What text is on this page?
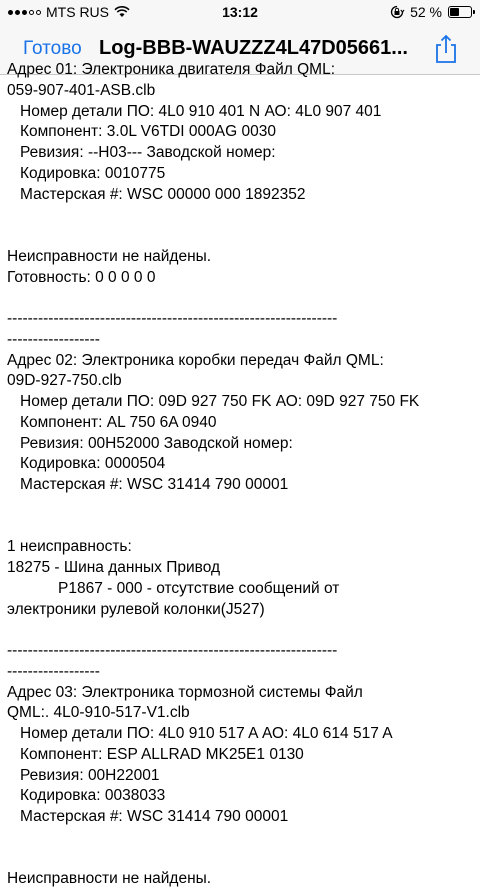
MTS RUS	13:12	52 %
Готово Log-BBB-WAUZZZ4L47D05661...
Адрес 01: Электроника двигателя Файл QML:
059-907-401-ASB.clb
Номер детали ПО: 4L0 910 401 N АО: 4L0 907 401
Компонент: 3.0L V6TDI 000AG 0030
Ревизия: --H03--- Заводской номер:
Кодировка: 0010775
Мастерская #: WSC 00000 000 1892352
Неисправности не найдены.
Готовность: 0 0 0 0 0
----------------------------------------------------------------
------------------
Адрес 02: Электроника коробки передач Файл QML:
09D-927-750.clb
Номер детали ПО: 09D 927 750 FK АО: 09D 927 750 FK
Компонент: AL 750 6A 0940
Ревизия: 00H52000 Заводской номер:
Кодировка: 0000504
Мастерская #: WSC 31414 790 00001
1 неисправность:
18275 - Шина данных Привод
P1867 - 000 - отсутствие сообщений от
электроники рулевой колонки(J527)
----------------------------------------------------------------
------------------
Адрес 03: Электроника тормозной системы Файл
QML:. 4L0-910-517-V1.clb
Номер детали ПО: 4L0 910 517 A АО: 4L0 614 517 A
Компонент: ESP ALLRAD MK25E1 0130
Ревизия: 00H22001
Кодировка: 0038033
Мастерская #: WSC 31414 790 00001
Неисправности не найдены.
